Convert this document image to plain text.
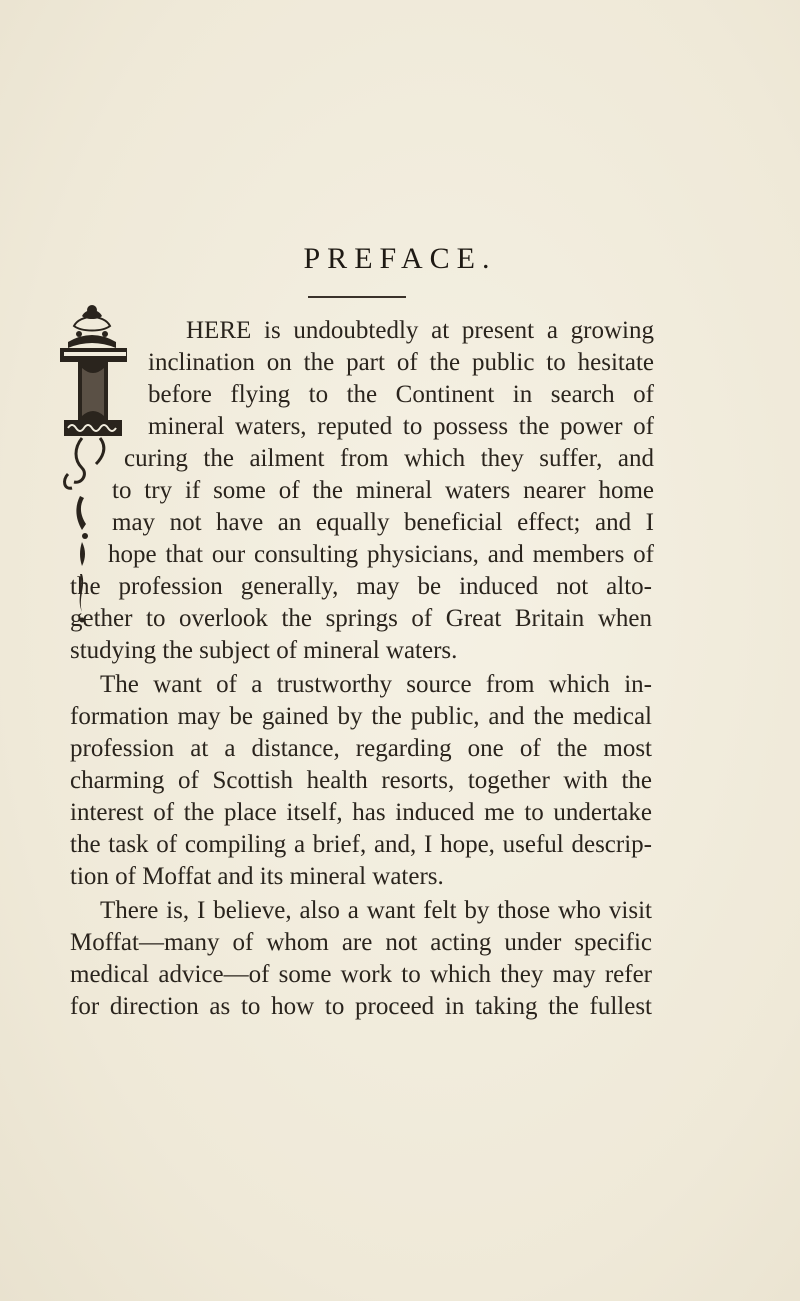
PREFACE.
HERE is undoubtedly at present a growing
inclination on the part of the public to hesitate
before flying to the Continent in search of
mineral waters, reputed to possess the power of
curing the ailment from which they suffer, and
to try if some of the mineral waters nearer home
may not have an equally beneficial effect; and I
hope that our consulting physicians, and members of
the profession generally, may be induced not alto-
gether to overlook the springs of Great Britain when
studying the subject of mineral waters.
The want of a trustworthy source from which in-
formation may be gained by the public, and the medical
profession at a distance, regarding one of the most
charming of Scottish health resorts, together with the
interest of the place itself, has induced me to undertake
the task of compiling a brief, and, I hope, useful descrip-
tion of Moffat and its mineral waters.
There is, I believe, also a want felt by those who visit
Moffat—many of whom are not acting under specific
medical advice—of some work to which they may refer
for direction as to how to proceed in taking the fullest
